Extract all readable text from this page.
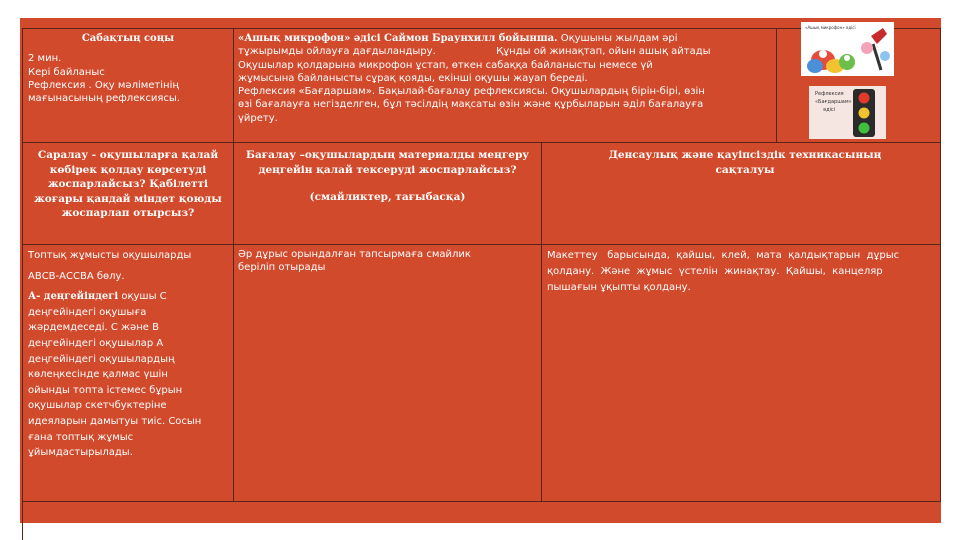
Сабақтың соңы

2 мин.

Кері байланыс

Рефлексия . Оқу мәліметінің

мағынасының рефлексиясы.

«Ашық микрофон» әдісі Саймон Браунхилл бойынша. Оқушыны жылдам әрі

тұжырымды ойлауға дағдыландыру.                   Құнды ой жинақтап, ойын ашық айтады

Оқушылар қолдарына микрофон ұстап, өткен сабаққа байланысты немесе үй

жұмысына байланысты сұрақ қояды, екінші оқушы жауап береді.

Рефлексия «Бағдаршам». Бақылай-бағалау рефлексиясы. Оқушылардың бірін-бірі, өзін

өзі бағалауға негізделген, бұл тәсілдің мақсаты өзін және құрбыларын әділ бағалауға

үйрету.

«Ашық микрофон» әдісі
Рефлексия
«Бағдаршам»
әдісі

Саралау - оқушыларға қалай

көбірек қолдау көрсетуді

жоспарлайсыз? Қабілетті

жоғары қандай міндет қоюды

жоспарлап отырсыз?

Бағалау –оқушылардың материалды меңгеру

деңгейін қалай тексеруді жоспарлайсыз?

(смайликтер, тағыбасқа)

Денсаулық және қауіпсіздік техникасының

сақталуы

Топтық жұмысты оқушыларды

АВСВ-АССВА бөлу.

А- деңгейіндегі оқушы С

деңгейіндегі оқушыға

жәрдемдеседі. С және В

деңгейіндегі оқушылар А

деңгейіндегі оқушылардың

көлеңкесінде қалмас үшін

ойынды топта істемес бұрын

оқушылар скетчбуктеріне

идеяларын дамытуы тиіс. Сосын

ғана топтық жұмыс

ұйымдастырылады.

Әр дұрыс орындалған тапсырмаға смайлик

беріліп отырады

Макеттеу   барысында,  қайшы,  клей,  мата  қалдықтарын  дұрыс

қолдану.  Және  жұмыс  үстелін  жинақтау.  Қайшы,  канцеляр

пышағын ұқыпты қолдану.
